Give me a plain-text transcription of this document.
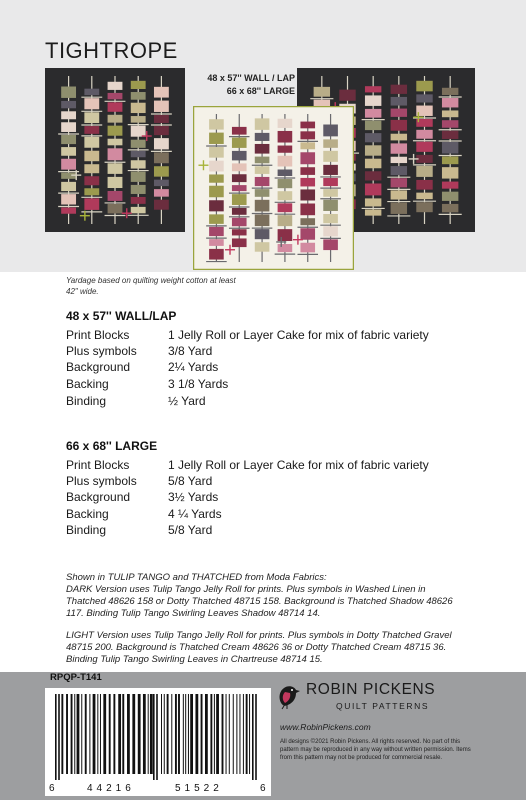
TIGHTROPE
48 x 57'' WALL / LAP
66 x 68'' LARGE

Yardage based on quilting weight cotton at least 42" wide.

48 x 57'' WALL/LAP
Print Blocks	1 Jelly Roll or Layer Cake for mix of fabric variety
Plus symbols	3/8 Yard
Background	2¼ Yards
Backing	3 1/8 Yards
Binding	½ Yard
66 x 68'' LARGE
Print Blocks	1 Jelly Roll or Layer Cake for mix of fabric variety
Plus symbols	5/8 Yard
Background	3½ Yards
Backing	4 ¼ Yards
Binding	5/8 Yard
Shown in TULIP TANGO and THATCHED from Moda Fabrics:
DARK Version uses Tulip Tango Jelly Roll for prints. Plus symbols in Washed Linen in Thatched 48626 158 or Dotty Thatched 48715 158. Background is Thatched Shadow 48626 117. Binding Tulip Tango Swirling Leaves Shadow 48714 14.
LIGHT Version uses Tulip Tango Jelly Roll for prints. Plus symbols in Dotty Thatched Gravel 48715 200. Background is Thatched Cream 48626 36 or Dotty Thatched Cream 48715 36. Binding Tulip Tango Swirling Leaves in Chartreuse 48714 15.
RPQP-T141
6	44216	51522	6
ROBIN PICKENS
QUILT PATTERNS
www.RobinPickens.com
All designs ©2021 Robin Pickens. All rights reserved. No part of this pattern may be reproduced in any way without written permission. Items from this pattern may not be produced for commercial resale.
